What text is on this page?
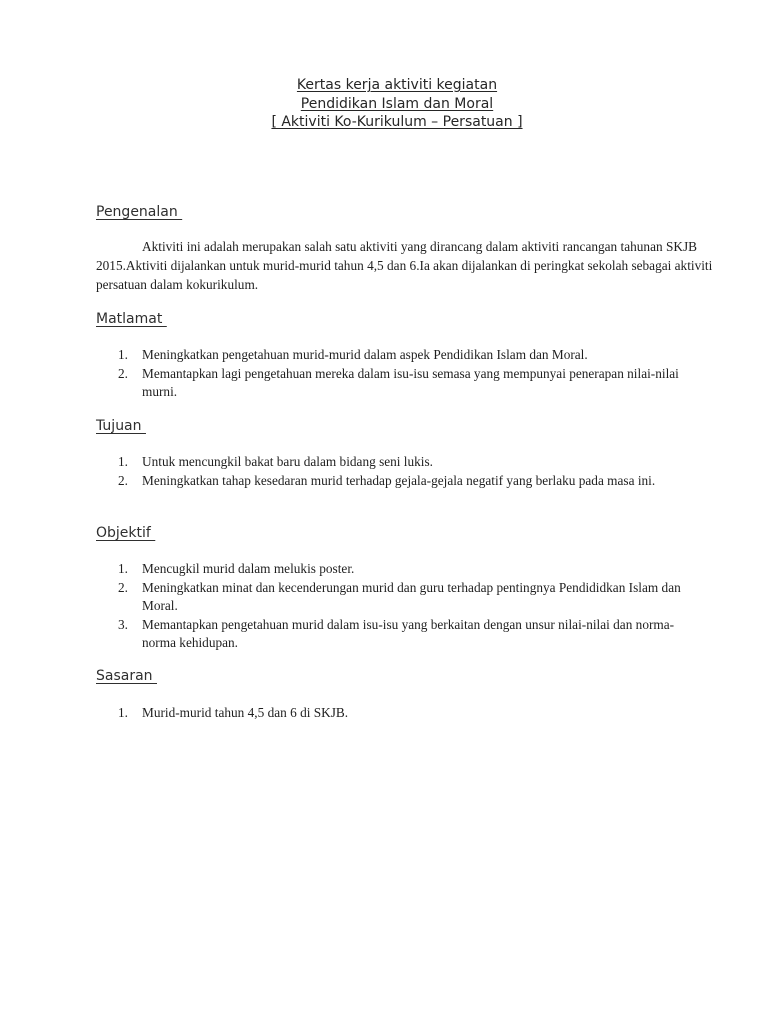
Kertas kerja aktiviti kegiatan
Pendidikan Islam dan Moral
[ Aktiviti Ko-Kurikulum – Persatuan ]
Pengenalan

Aktiviti ini adalah merupakan salah satu aktiviti yang dirancang dalam aktiviti rancangan tahunan SKJB 2015.Aktiviti dijalankan untuk murid-murid tahun 4,5 dan 6.Ia akan dijalankan di peringkat sekolah sebagai aktiviti persatuan dalam kokurikulum.

Matlamat
1. Meningkatkan pengetahuan murid-murid dalam aspek Pendidikan Islam dan Moral.
2. Memantapkan lagi pengetahuan mereka dalam isu-isu semasa yang mempunyai penerapan nilai-nilai murni.
Tujuan
1. Untuk mencungkil bakat baru dalam bidang seni lukis.
2. Meningkatkan tahap kesedaran murid terhadap gejala-gejala negatif yang berlaku pada masa ini.
Objektif
1. Mencugkil murid dalam melukis poster.
2. Meningkatkan minat dan kecenderungan murid dan guru terhadap pentingnya Pendididkan Islam dan Moral.
3. Memantapkan pengetahuan murid dalam isu-isu yang berkaitan dengan unsur nilai-nilai dan norma-norma kehidupan.
Sasaran
1. Murid-murid tahun 4,5 dan 6 di SKJB.
